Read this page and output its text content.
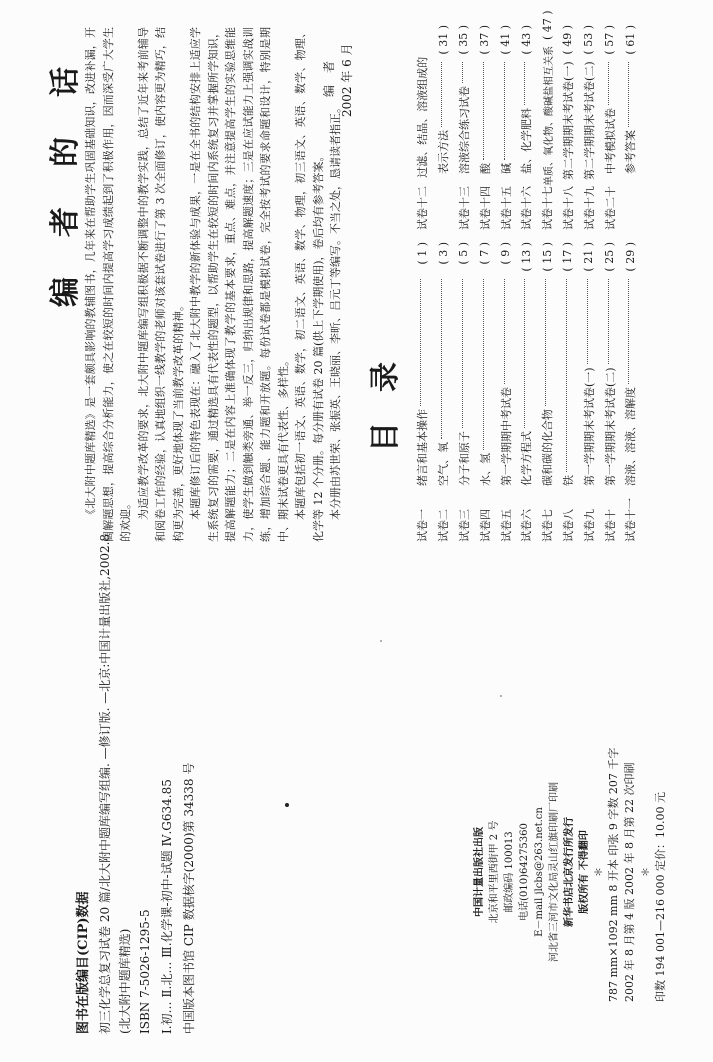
图书在版编目(CIP)数据 初三化学总复习试卷 20 篇/北大附中题库编写组编. —修订版. —北京:中国计量出版社,2002.8 (北大附中题库精选) ISBN 7-5026-1295-5 Ⅰ.初… Ⅱ.北… Ⅲ.化学课-初中-试题 Ⅳ.G634.85 中国版本图书馆 CIP 数据核字(2000)第 34338 号	中国计量出版社出版 北京和平里西街甲 2 号 邮政编码 100013 电话(010)64275360 E－mail jlcbs@263.net.cn 河北省三河市文化局灵山红旗印刷厂印刷 新华书店北京发行所发行 版权所有 不得翻印 ＊ 787 mm×1092 mm 8 开本 印张 9 字数 207 千字 2002 年 8 月第 4 版 2002 年 8 月第 22 次印刷 ＊ 印数 194 001—216 000 定价：10.00 元
编者的话 《北大附中题库精选》是一套颇具影响的教辅图书，几年来在帮助学生巩固基础知识，改进补漏，开阔解题思想，提高综合分析能力，使之在较短的时间内提高学习成绩起到了积极作用，因而深受广大学生的欢迎。 为适应教学改革的要求，北大附中题库编写组积极据不断调整中的教学实践，总结了近年来考前辅导和阅卷工作的经验，认真地组织一线教学的老师对该套试卷进行了第 3 次全面修订，使内容更为精巧，结构更为完善，更好地体现了当前教学改革的精神。 本题库修订后的特色表现在：融入了北大附中教学的新体验与成果，一是在全书的结构安排上适应学生系统复习的需要，通过精选具有代表性的题型，以帮助学生在较短的时间内系统复习并掌握所学知识，提高解题能力；二是在内容上准确体现了教学的基本要求，重点、难点，并注意提高学生的实验思维能力，使学生做到触类旁通、举一反三，归纳出规律和思路，提高解题速度；三是在应试能力上强调实战训练，增加综合题、能力题和开放题。每份试卷都是模拟试卷，完全按考试的要求命题和设计，特别是期中、期末试卷更具有代表性、多样性。 本题库包括初一语文、英语、数学，初二语文、英语、数学、物理，初三语文、英语、数学、物理、化学等 12 个分册。每分册有试卷 20 篇(供上下学期使用)，卷后均有参考答案。 本分册由苏世荣、张振英、王晓丽、李昕、吕元丁等编写。不当之处，恳请读者指正。

编　者 2002 年 6 月
目录
试卷一
绪言和基本操作
( 1 )
试卷二
空气、氧
( 3 )
试卷三
分子和原子
( 5 )
试卷四
水、氢
( 7 )
试卷五
第一学期期中考试卷
( 9 )
试卷六
化学方程式
( 13 )
试卷七
碳和碳的化合物
( 15 )
试卷八
铁
( 17 )
试卷九
第一学期期末考试卷(一)
( 21 )
试卷十
第一学期期末考试卷(二)
( 25 )
试卷十一
溶液、溶液、溶解度
( 29 )
试卷十二
过滤、结晶、溶液组成的 表示方法
( 31 )
试卷十三
溶液综合练习试卷
( 35 )
试卷十四
酸
( 37 )
试卷十五
碱
( 41 )
试卷十六
盐、化学肥料
( 43 )
试卷十七
单质、氧化物、酸碱盐相互关系
( 47 )
试卷十八
第二学期期末考试卷(一)
( 49 )
试卷十九
第二学期期末考试卷(二)
( 53 )
试卷二十
中考模拟试卷
( 57 )
参考答案
( 61 )
